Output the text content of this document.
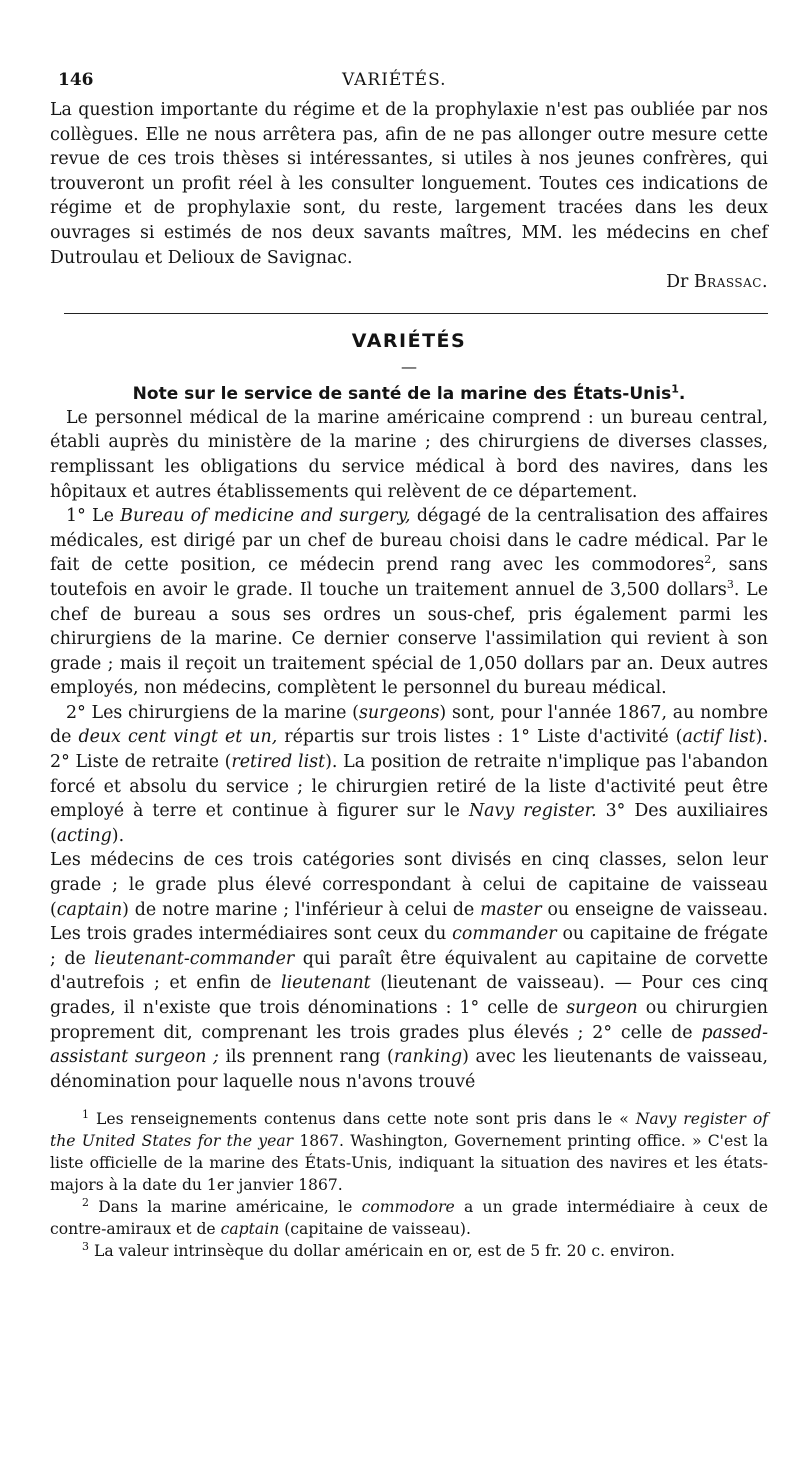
146	VARIÉTÉS.

La question importante du régime et de la prophylaxie n'est pas oubliée par nos collègues. Elle ne nous arrêtera pas, afin de ne pas allonger outre mesure cette revue de ces trois thèses si intéressantes, si utiles à nos jeunes confrères, qui trouveront un profit réel à les consulter longuement. Toutes ces indications de régime et de prophylaxie sont, du reste, largement tracées dans les deux ouvrages si estimés de nos deux savants maîtres, MM. les médecins en chef Dutroulau et Delioux de Savignac.

Dr Brassac.

VARIÉTÉS
—
Note sur le service de santé de la marine des États-Unis$^1$.

Le personnel médical de la marine américaine comprend : un bureau central, établi auprès du ministère de la marine ; des chirurgiens de diverses classes, remplissant les obligations du service médical à bord des navires, dans les hôpitaux et autres établissements qui relèvent de ce département.

1° Le Bureau of medicine and surgery, dégagé de la centralisation des affaires médicales, est dirigé par un chef de bureau choisi dans le cadre médical. Par le fait de cette position, ce médecin prend rang avec les commodores$^2$, sans toutefois en avoir le grade. Il touche un traitement annuel de 3,500 dollars$^3$. Le chef de bureau a sous ses ordres un sous-chef, pris également parmi les chirurgiens de la marine. Ce dernier conserve l'assimilation qui revient à son grade ; mais il reçoit un traitement spécial de 1,050 dollars par an. Deux autres employés, non médecins, complètent le personnel du bureau médical.

2° Les chirurgiens de la marine (surgeons) sont, pour l'année 1867, au nombre de deux cent vingt et un, répartis sur trois listes : 1° Liste d'activité (actif list). 2° Liste de retraite (retired list). La position de retraite n'implique pas l'abandon forcé et absolu du service ; le chirurgien retiré de la liste d'activité peut être employé à terre et continue à figurer sur le Navy register. 3° Des auxiliaires (acting).

Les médecins de ces trois catégories sont divisés en cinq classes, selon leur grade ; le grade plus élevé correspondant à celui de capitaine de vaisseau (captain) de notre marine ; l'inférieur à celui de master ou enseigne de vaisseau. Les trois grades intermédiaires sont ceux du commander ou capitaine de frégate ; de lieutenant-commander qui paraît être équivalent au capitaine de corvette d'autrefois ; et enfin de lieutenant (lieutenant de vaisseau). — Pour ces cinq grades, il n'existe que trois dénominations : 1° celle de surgeon ou chirurgien proprement dit, comprenant les trois grades plus élevés ; 2° celle de passed-assistant surgeon ; ils prennent rang (ranking) avec les lieutenants de vaisseau, dénomination pour laquelle nous n'avons trouvé

$^1$ Les renseignements contenus dans cette note sont pris dans le « Navy register of the United States for the year 1867. Washington, Governement printing office. » C'est la liste officielle de la marine des États-Unis, indiquant la situation des navires et les états-majors à la date du 1er janvier 1867.

$^2$ Dans la marine américaine, le commodore a un grade intermédiaire à ceux de contre-amiraux et de captain (capitaine de vaisseau).

$^3$ La valeur intrinsèque du dollar américain en or, est de 5 fr. 20 c. environ.
